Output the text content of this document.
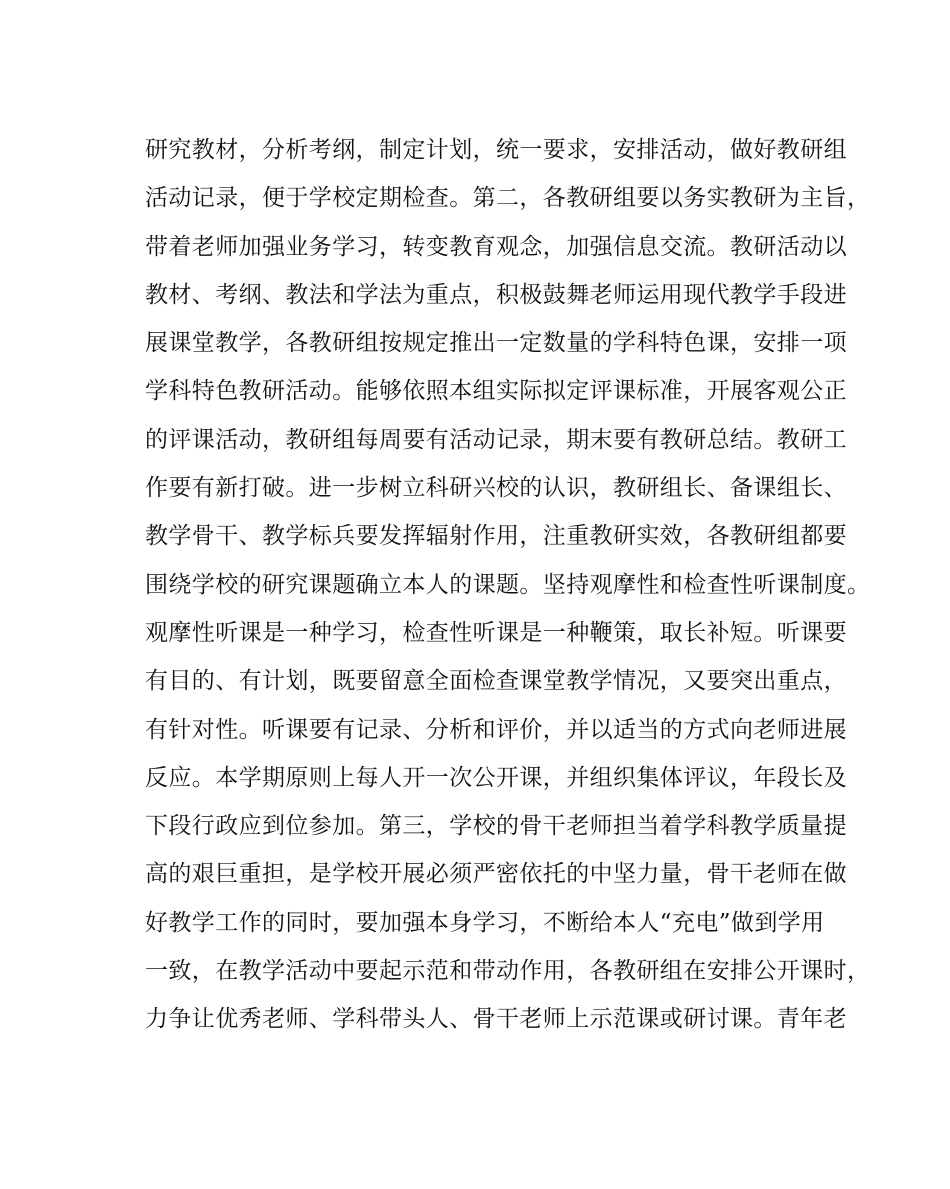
研究教材，分析考纲，制定计划，统一要求，安排活动，做好教研组
活动记录，便于学校定期检查。第二，各教研组要以务实教研为主旨，
带着老师加强业务学习，转变教育观念，加强信息交流。教研活动以
教材、考纲、教法和学法为重点，积极鼓舞老师运用现代教学手段进
展课堂教学，各教研组按规定推出一定数量的学科特色课，安排一项
学科特色教研活动。能够依照本组实际拟定评课标准，开展客观公正
的评课活动，教研组每周要有活动记录，期末要有教研总结。教研工
作要有新打破。进一步树立科研兴校的认识，教研组长、备课组长、
教学骨干、教学标兵要发挥辐射作用，注重教研实效，各教研组都要
围绕学校的研究课题确立本人的课题。坚持观摩性和检查性听课制度。
观摩性听课是一种学习，检查性听课是一种鞭策，取长补短。听课要
有目的、有计划，既要留意全面检查课堂教学情况，又要突出重点，
有针对性。听课要有记录、分析和评价，并以适当的方式向老师进展
反应。本学期原则上每人开一次公开课，并组织集体评议，年段长及
下段行政应到位参加。第三，学校的骨干老师担当着学科教学质量提
高的艰巨重担，是学校开展必须严密依托的中坚力量，骨干老师在做
好教学工作的同时，要加强本身学习，不断给本人“充电”做到学用
一致，在教学活动中要起示范和带动作用，各教研组在安排公开课时，
力争让优秀老师、学科带头人、骨干老师上示范课或研讨课。青年老
